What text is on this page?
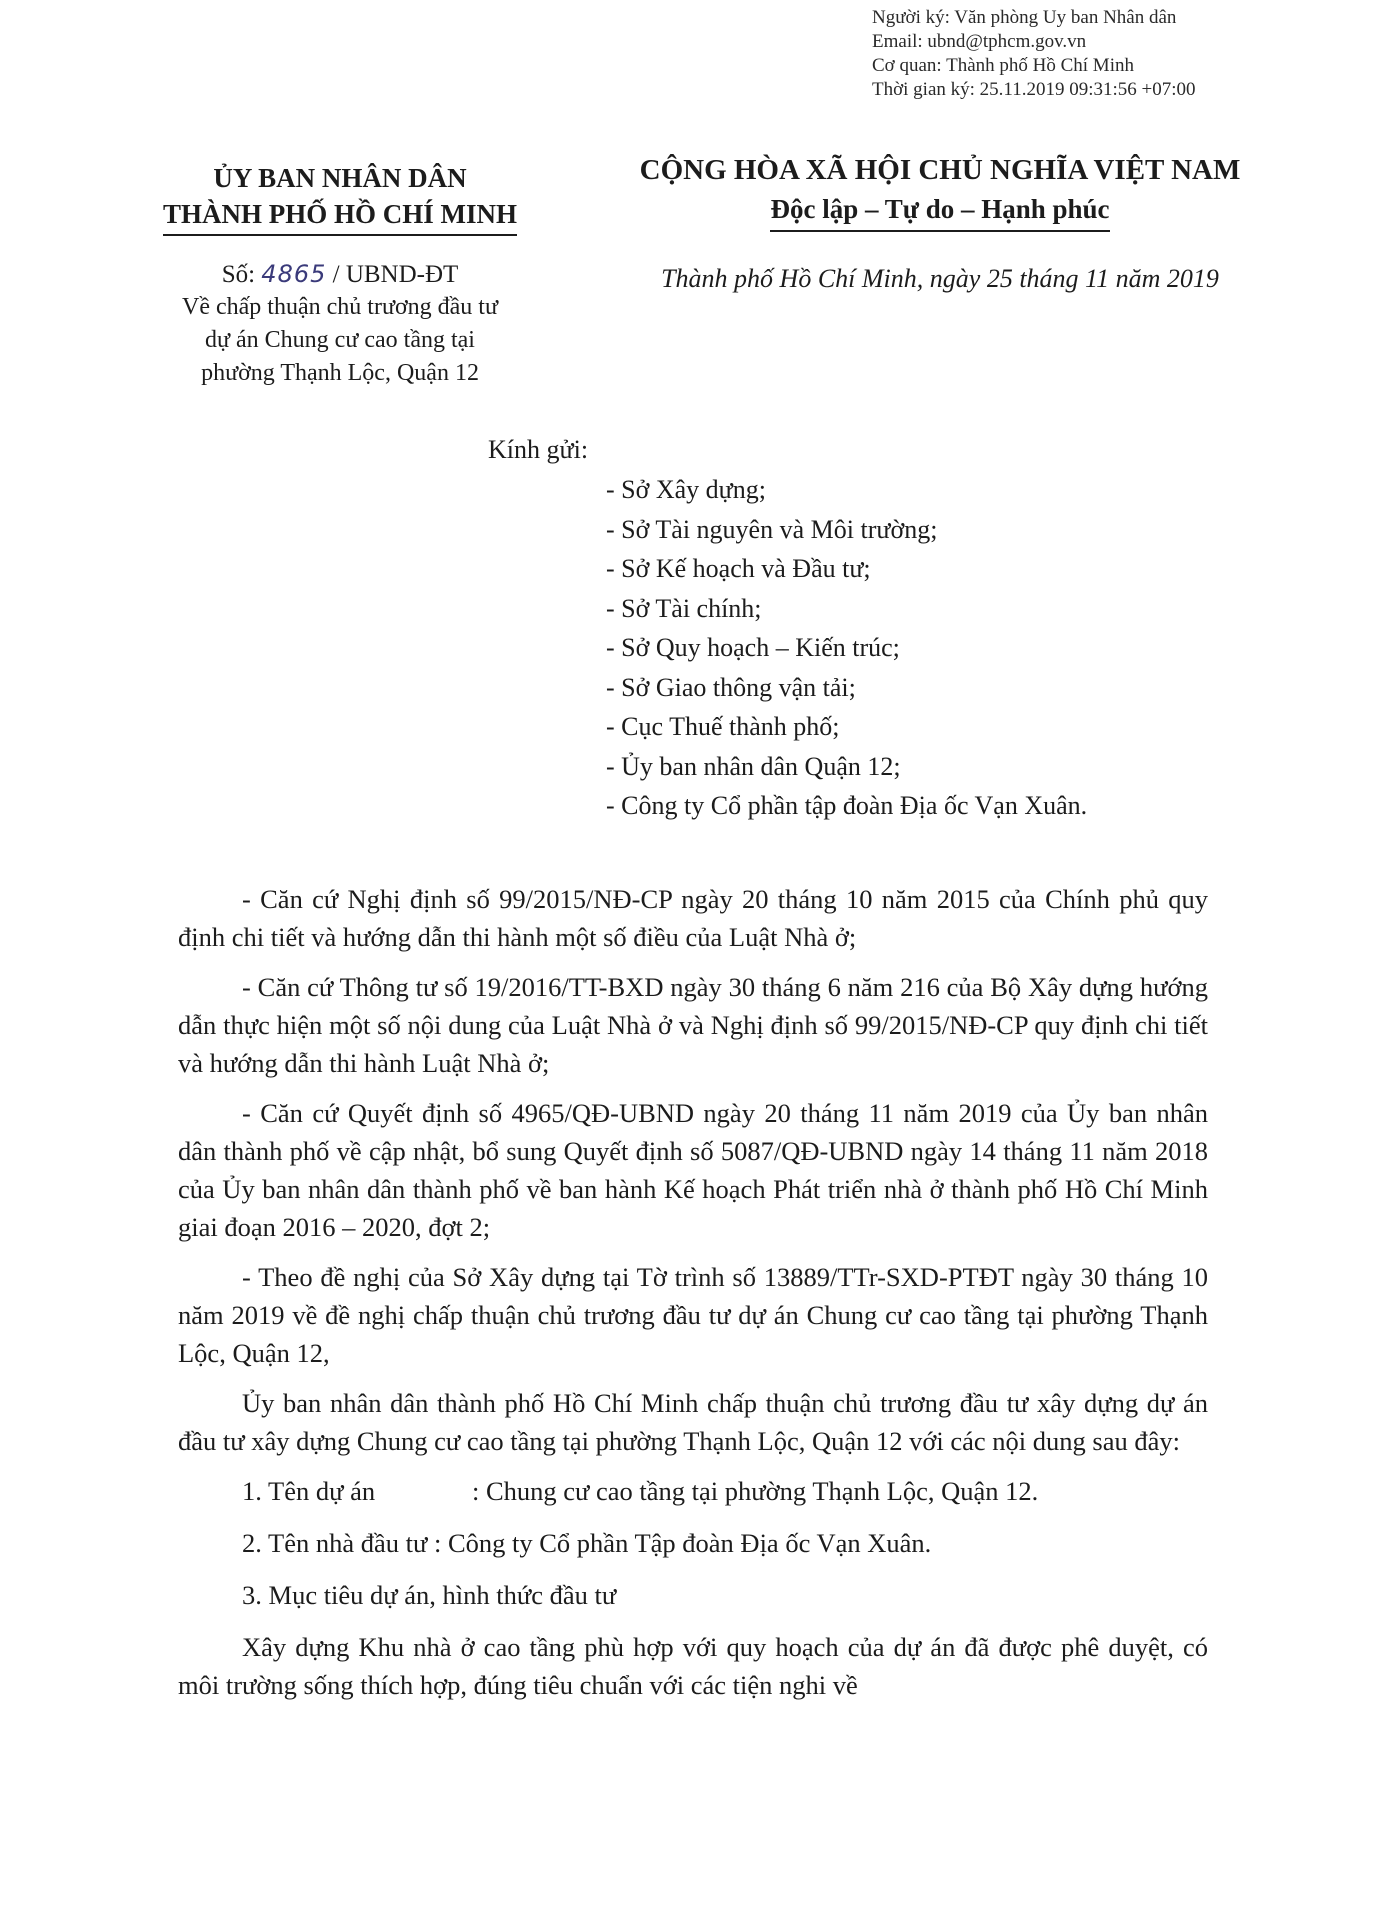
Người ký: Văn phòng Uy ban Nhân dân
Email: ubnd@tphcm.gov.vn
Cơ quan: Thành phố Hồ Chí Minh
Thời gian ký: 25.11.2019 09:31:56 +07:00
ỦY BAN NHÂN DÂN
THÀNH PHỐ HỒ CHÍ MINH
Số: 4865 / UBND-ĐT
Về chấp thuận chủ trương đầu tư
dự án Chung cư cao tầng tại
phường Thạnh Lộc, Quận 12
CỘNG HÒA XÃ HỘI CHỦ NGHĨA VIỆT NAM
Độc lập – Tự do – Hạnh phúc
Thành phố Hồ Chí Minh, ngày 25 tháng 11 năm 2019
Kính gửi:
- Sở Xây dựng;
- Sở Tài nguyên và Môi trường;
- Sở Kế hoạch và Đầu tư;
- Sở Tài chính;
- Sở Quy hoạch – Kiến trúc;
- Sở Giao thông vận tải;
- Cục Thuế thành phố;
- Ủy ban nhân dân Quận 12;
- Công ty Cổ phần tập đoàn Địa ốc Vạn Xuân.

- Căn cứ Nghị định số 99/2015/NĐ-CP ngày 20 tháng 10 năm 2015 của Chính phủ quy định chi tiết và hướng dẫn thi hành một số điều của Luật Nhà ở;

- Căn cứ Thông tư số 19/2016/TT-BXD ngày 30 tháng 6 năm 216 của Bộ Xây dựng hướng dẫn thực hiện một số nội dung của Luật Nhà ở và Nghị định số 99/2015/NĐ-CP quy định chi tiết và hướng dẫn thi hành Luật Nhà ở;

- Căn cứ Quyết định số 4965/QĐ-UBND ngày 20 tháng 11 năm 2019 của Ủy ban nhân dân thành phố về cập nhật, bổ sung Quyết định số 5087/QĐ-UBND ngày 14 tháng 11 năm 2018 của Ủy ban nhân dân thành phố về ban hành Kế hoạch Phát triển nhà ở thành phố Hồ Chí Minh giai đoạn 2016 – 2020, đợt 2;

- Theo đề nghị của Sở Xây dựng tại Tờ trình số 13889/TTr-SXD-PTĐT ngày 30 tháng 10 năm 2019 về đề nghị chấp thuận chủ trương đầu tư dự án Chung cư cao tầng tại phường Thạnh Lộc, Quận 12,

Ủy ban nhân dân thành phố Hồ Chí Minh chấp thuận chủ trương đầu tư xây dựng dự án đầu tư xây dựng Chung cư cao tầng tại phường Thạnh Lộc, Quận 12 với các nội dung sau đây:

1. Tên dự án	: Chung cư cao tầng tại phường Thạnh Lộc, Quận 12.

2. Tên nhà đầu tư : Công ty Cổ phần Tập đoàn Địa ốc Vạn Xuân.

3. Mục tiêu dự án, hình thức đầu tư

Xây dựng Khu nhà ở cao tầng phù hợp với quy hoạch của dự án đã được phê duyệt, có môi trường sống thích hợp, đúng tiêu chuẩn với các tiện nghi về
